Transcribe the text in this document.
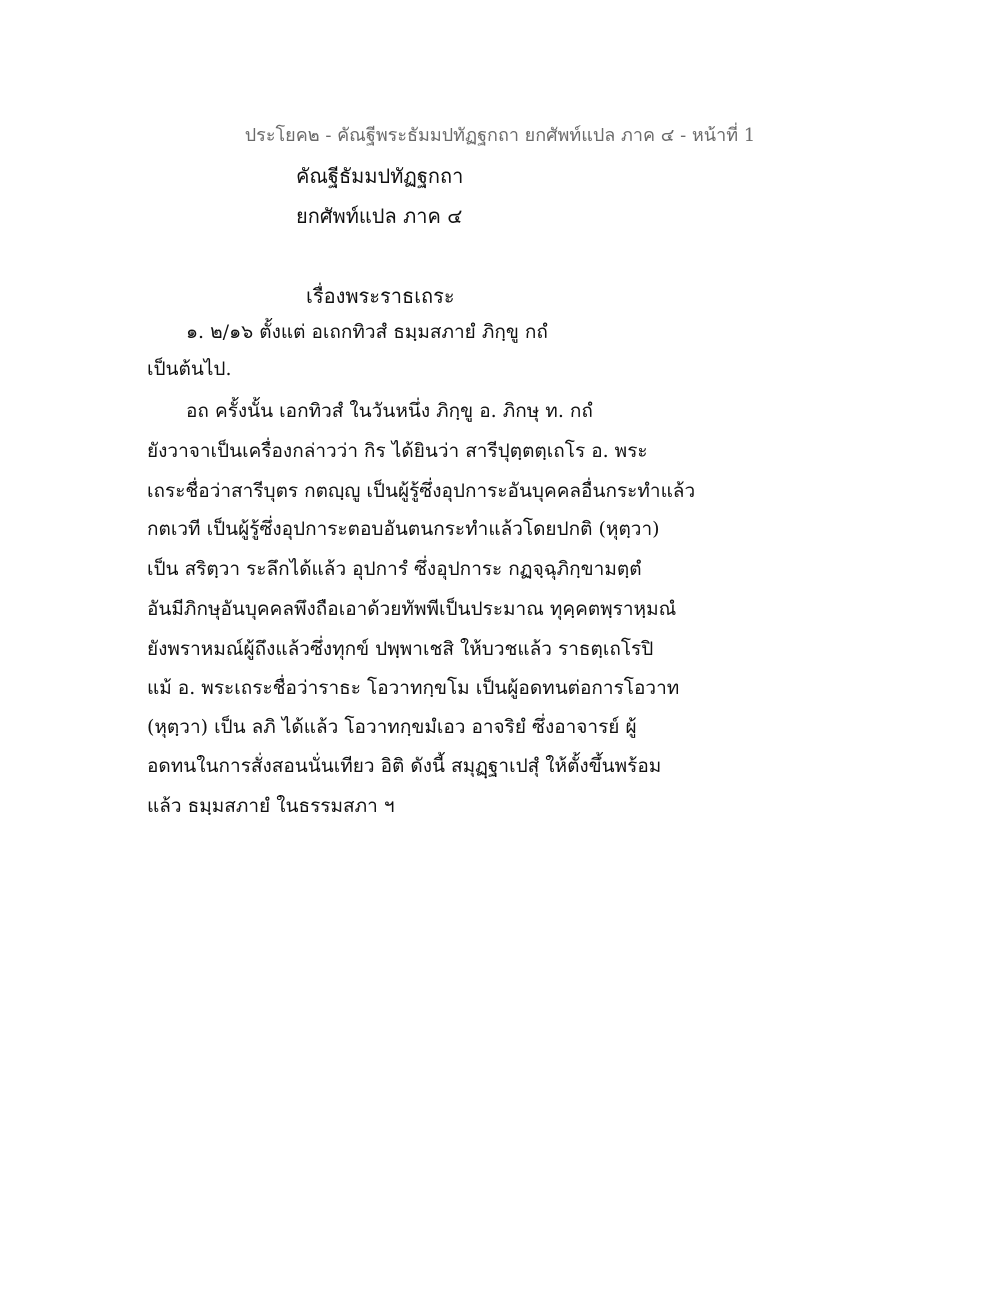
ประโยค๒ - คัณฐีพระธัมมปทัฏฐกถา ยกศัพท์แปล ภาค ๔ - หน้าที่ 1
คัณฐีธัมมปทัฏฐกถา
ยกศัพท์แปล ภาค ๔
เรื่องพระราธเถระ
๑. ๒/๑๖ ตั้งแต่ อเถกทิวสํ ธมฺมสภายํ ภิกฺขู กถํ
เป็นต้นไป.
อถ ครั้งนั้น เอกทิวสํ ในวันหนึ่ง ภิกฺขู อ. ภิกษุ ท. กถํ
ยังวาจาเป็นเครื่องกล่าวว่า กิร ได้ยินว่า สารีปุตฺตตฺเถโร อ. พระ
เถระชื่อว่าสารีบุตร กตญฺญู เป็นผู้รู้ซึ่งอุปการะอันบุคคลอื่นกระทำแล้ว
กตเวที เป็นผู้รู้ซึ่งอุปการะตอบอันตนกระทำแล้วโดยปกติ (หุตฺวา)
เป็น สริตฺวา ระลึกได้แล้ว อุปการํ ซึ่งอุปการะ กฏจฺฉุภิกฺขามตฺตํ
อันมีภิกษุอันบุคคลพึงถือเอาด้วยทัพพีเป็นประมาณ ทุคฺคตพฺราหฺมณํ
ยังพราหมณ์ผู้ถึงแล้วซึ่งทุกข์ ปพฺพาเชสิ ให้บวชแล้ว ราธตฺเถโรปิ
แม้ อ. พระเถระชื่อว่าราธะ โอวาทกฺขโม เป็นผู้อดทนต่อการโอวาท
(หุตฺวา) เป็น ลภิ ได้แล้ว โอวาทกฺขมํเอว อาจริยํ ซึ่งอาจารย์ ผู้
อดทนในการสั่งสอนนั่นเทียว อิติ ดังนี้ สมุฏฺฐาเปสุํ ให้ตั้งขึ้นพร้อม
แล้ว ธมฺมสภายํ ในธรรมสภา ฯ
